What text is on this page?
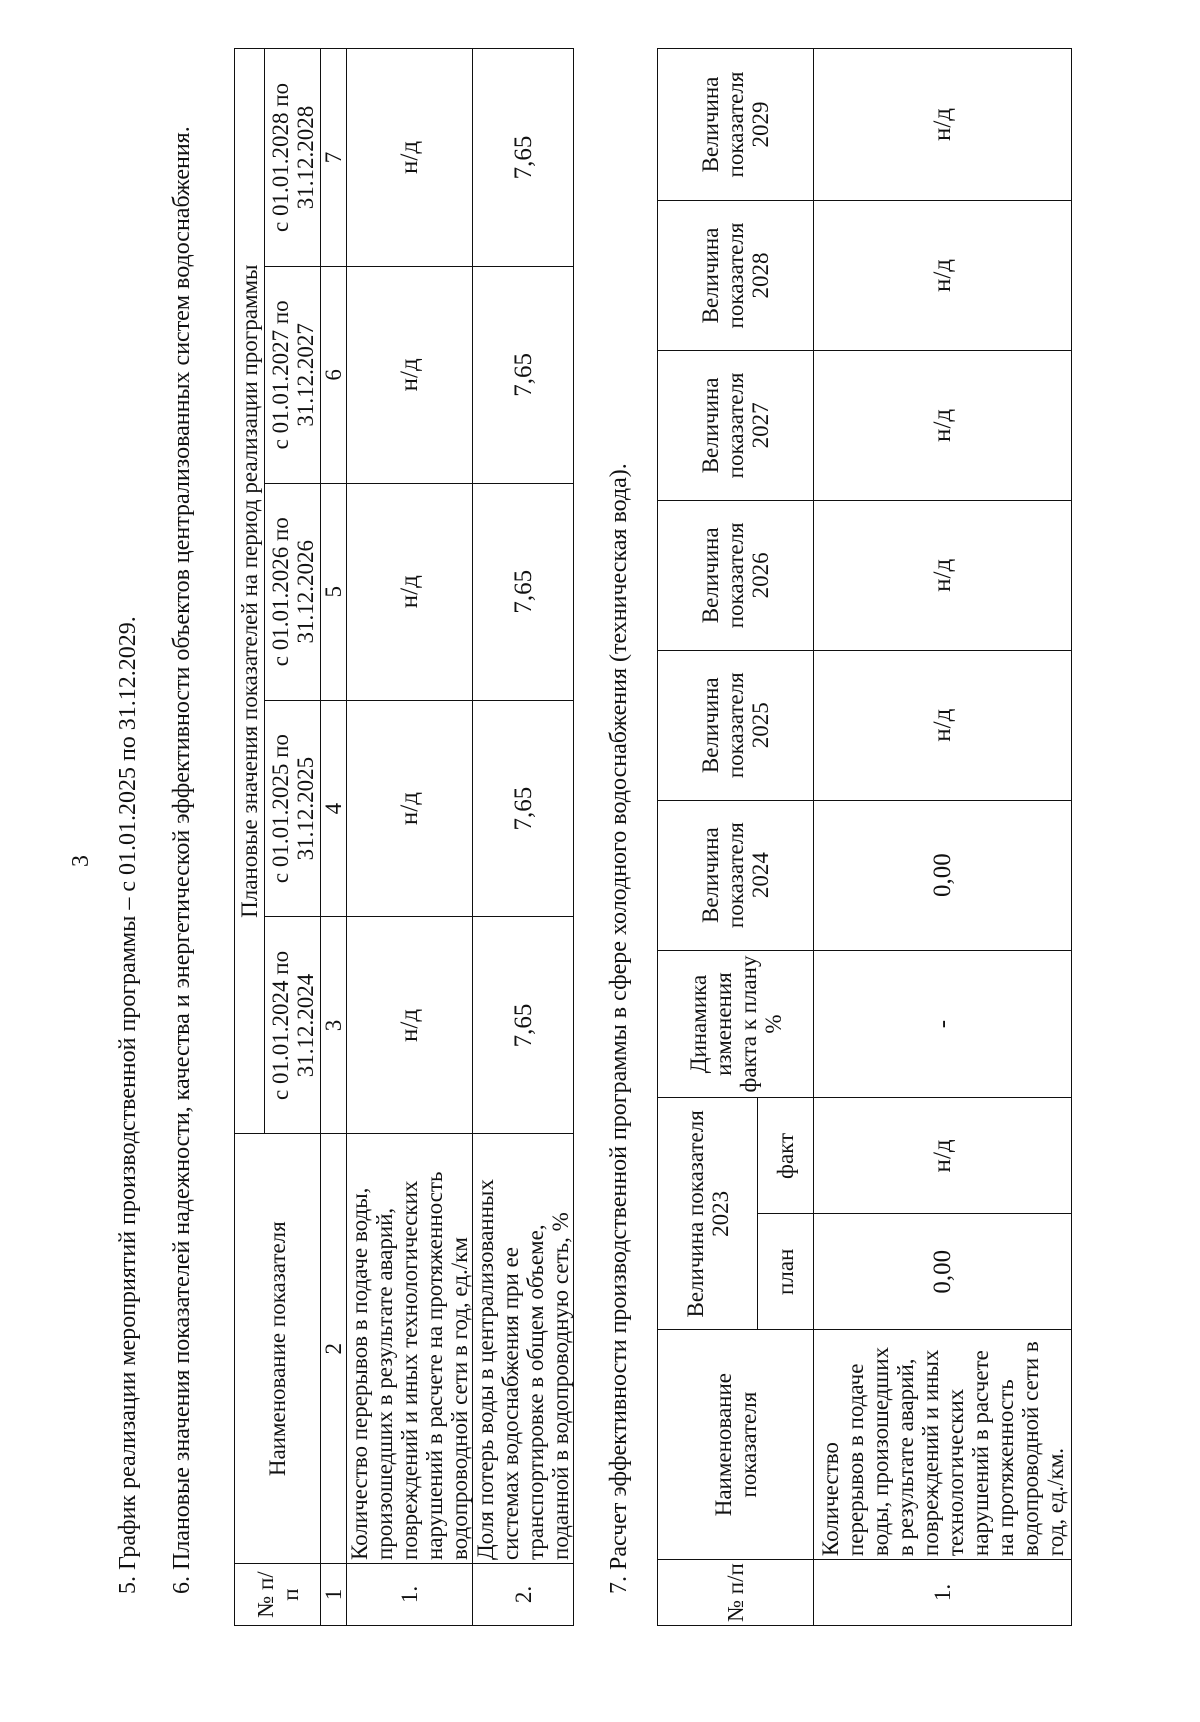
3 5. График реализации мероприятий производственной программы – с 01.01.2025 по 31.12.2029. 6. Плановые значения показателей надежности, качества и энергетической эффективности объектов централизованных систем водоснабжения.
№ п/п	Наименование показателя	Плановые значения показателей на период реализации программы				
		с 01.01.2024 по 31.12.2024	с 01.01.2025 по 31.12.2025	с 01.01.2026 по 31.12.2026	с 01.01.2027 по 31.12.2027	с 01.01.2028 по 31.12.2028
1	2	3	4	5	6	7
1.	Количество перерывов в подаче воды, произошедших в результате аварий, повреждений и иных технологических нарушений в расчете на протяженность водопроводной сети в год, ед./км	н/д	н/д	н/д	н/д	н/д
2.	Доля потерь воды в централизованных системах водоснабжения при ее транспортировке в общем объеме, поданной в водопроводную сеть, %	7,65	7,65	7,65	7,65	7,65
7. Расчет эффективности производственной программы в сфере холодного водоснабжения (техническая вода).	№ п/п	Наименование показателя	Величина показателя 2023		Динамика изменения факта к плану %	Величина показателя 2024	Величина показателя 2025	Величина показателя 2026	Величина показателя 2027	Величина показателя 2028	Величина показателя 2029
		план	факт							
1.	Количество перерывов в подаче воды, произошедших в результате аварий, повреждений и иных технологических нарушений в расчете на протяженность водопроводной сети в год, ед./км.	0,00	н/д	-	0,00	н/д	н/д	н/д	н/д	н/д
